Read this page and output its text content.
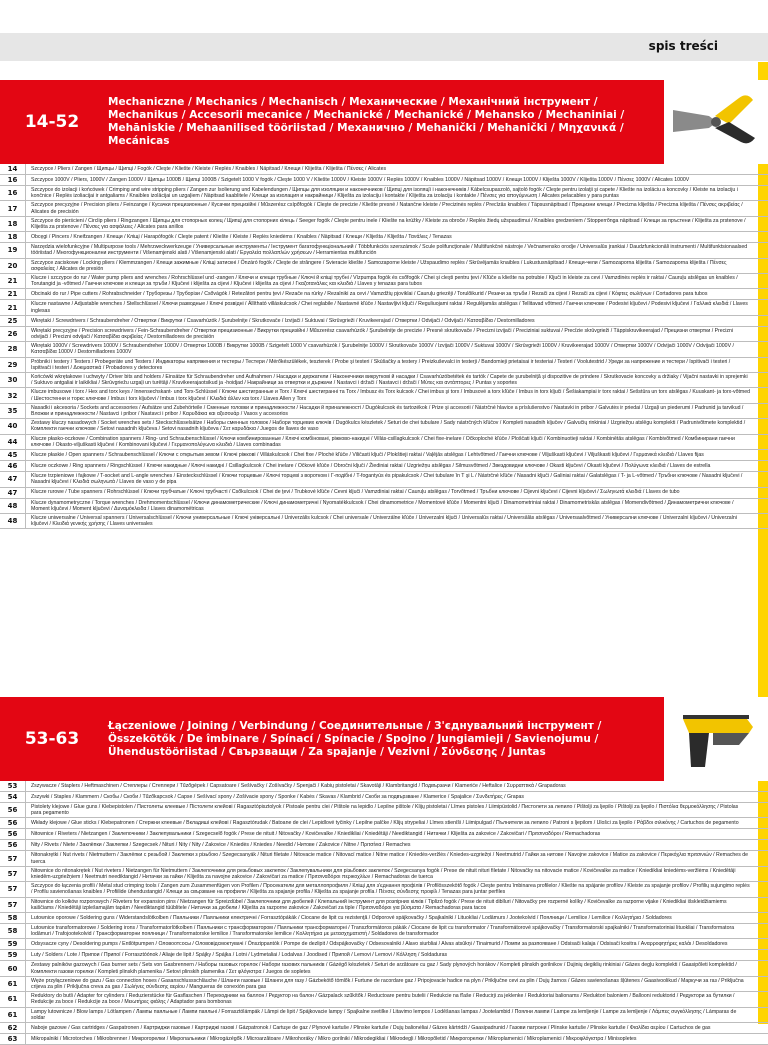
spis treści
14-52
Mechaniczne / Mechanics / Mechanisch / Механические / Механічний інструмент / Mechanikus / Accesorii mecanice / Mechanické / Mechanické / Mehansko / Mechaniniai / Mehāniskie / Mehaanilised tööriistad / Механично / Mehanički / Mehanički / Μηχανικά / Mecánicas
14	Szczypce / Pliers / Zangen / Щипцы / Щипці / Fogók / Cleşte / Kliešte / Kleiste / Replės / Knaibles / Näpitsad / Клещи / Kliješta / Kliješta / Πένσες / Alicates
16	Szczypce 1000V / Pliers, 1000V / Zangen 1000V / Щипцы 1000В / Щипці 1000В / Szigetelt 1000 V fogók / Cleşte 1000 V / Kliešte 1000V / Kleiste 1000V / Replės 1000V / Knaibles 1000V / Näpitsad 1000V / Клещи 1000V / Kliješta 1000V / Kliješta 1000V / Πένσες 1000V / Alicates 1000V
16	Szczypce do izolacji i końcówek / Crimping and wire stripping pliers / Zangen zur Isolierung und Kabelendungen / Щипцы для изоляции и наконечников / Щипці для ізоляції і наконечників / Kábelcsupaszoló, sajtoló fogók / Cleşte pentru izolaţii şi capete / Kliešte na izoláciu a koncovky / Kleiste na izolaciju i končnice / Replės izoliacijai ir antgaliams / Knaibles izolācijai un uzgaļiem / Näpitsad kaablitele / Клещи за изолация и накрайници / Kliješta za izolaciju i kontakte / Kliješta za izolaciju i kontakte / Πένσες για απογύμνωση / Alicates pelacables y para puntas
17	Szczypce precyzyjne / Precision pliers / Feinzange / Кусачки прецизионные / Кусачки прецизійні / Műszerész csípőfogók / Cleşte de precizie / Kliešte presné / Natančne kleiste / Precizinės replės / Precīzās knaibles / Täpsusnäpitsad / Прецизни клещи / Precizna kliješta / Precizna kliješta / Πένσες ακριβείας / Alicates de precisión
18	Szczypce do pierścieni / Circlip pliers / Ringzangen / Щипцы для стопорных колец / Щипці для стопорних кілець / Seeger fogók / Cleşte pentru inele / Kliešte na krúžky / Kleiste za obroče / Replės žiedų užspaudimui / Knaibles gredzeniem / Stopperrõnga näpitsad / Клещи за пръстени / Kliješta za prstenove / Kliješta za prstenove / Πένσες για ασφάλειες / Alicates para anillos
18	Obcęgi / Pincers / Kneifzangen / Клещи / Кліщі / Harapófogók / Cleşte patent / Kliešte / Kleiste / Replės kniedėms / Knaibles / Näpitsad / Клещи / Kliješta / Kliješta / Τανάλιες / Tenazas
19	Narzędzia wielofunkcyjne / Multipurpose tools / Mehrzweckwerkzeuge / Универсальные инструменты / Інструмент багатофункціональний / Többfunkciós szerszámok / Scule polifuncţionale / Multifunkčné nástroje / Večnamensko orodje / Universalūs įrankiai / Daudzfunkcionāli instrumenti / Multifunktsionaalsed tööriistad / Многофункционални инструменти / Višenamjenski alati / Višenamjenski alati / Εργαλεία πολλαπλών χρήσεων / Herramientas multifunción
20	Szczypce zaciskowe / Locking pliers / Klemmzangen / Клещи зажимные / Кліщі затискні / Önzáró fogók / Cleşte de strângere / Svieracie kliešte / Samozaporne kleiste / Užspaudimo replės / Skrūvējamās knaibles / Lukustusnäpitsad / Клещи-чели / Samozaporna kliješta / Samozaporna kliješta / Πένσες ασφαλείας / Alicates de presión
21	Klucze i szczypce do rur / Water pump pliers and wrenches / Rohrschlüssel und -zangen / Ключи и клещи трубные / Ключі й кліщі трубні / Vízpumpa fogók és csőfogók / Chei şi cleşti pentru ţevi / Kľúče a kliešte na potrubie / Ključi in kleiste za cevi / Vamzdinės replės ir raktai / Cauruļu atslēgas un knaibles / Torutangid ja -võtmed / Гаечни ключове и клещи за тръби / Ključevi i kliješta za cijevi / Ključevi i kliješta za cijevi / Γκαζοτανάλιες και κλειδιά / Llaves y tenazas para tubos
21	Obcinaki do rur / Pipe cutters / Rohrabschneider / Труборезы / Труборізи / Csővágók / Retezători pentru ţevi / Rezače na rúrky / Rezalniki za cevi / Vamzdžių pjoviklai / Cauruļu griezēji / Torulõikurid / Резачи за тръби / Rezači za cijevi / Rezači za cijevi / Κόφτες σωλήνων / Cortadores para tubos
21	Klucze nastawne / Adjustable wrenches / Stellschlüssel / Ключи разводные / Ключі розвідні / Állítható villáskulcsok / Chei reglabile / Nastavné kľúče / Nastavljivi ključi / Reguliuojami raktai / Regulējamās atslēgas / Tellitavad võtmed / Гаечни ключове / Podesivi ključevi / Podesivi ključevi / Γαλλικά κλειδιά / Llaves inglesas
25	Wkrętaki / Screwdrivers / Schraubendreher / Отвертки / Викрутки / Csavarhúzók / Şurubelniţe / Skrutkovače / Izvijači / Suktuvai / Skrūvgrieži / Kruvikeerajad / Отвертки / Odvijači / Odvijači / Κατσαβίδια / Destornilladores
26	Wkrętaki precyzyjne / Precision screwdrivers / Fein-Schraubendreher / Отвертки прецизионные / Викрутки прецизійні / Műszerész csavarhúzók / Şurubelniţe de precizie / Presné skrutkovače / Precizni izvijači / Preciziniai suktuvai / Precīzie skrūvgrieži / Täppiskruvikeerajad / Прецизни отвертки / Precizni odvijači / Precizni odvijači / Κατσαβίδια ακριβείας / Destornilladores de precisión
28	Wkrętaki 1000V / Screwdrivers 1000V / Schraubendreher 1000V / Отвертки 1000В / Викрутки 1000В / Szigetelt 1000 V csavarhúzók / Şurubelniţe 1000V / Skrutkovače 1000V / Izvijači 1000V / Suktuvai 1000V / Skrūvgrieži 1000V / Kruvikeerajad 1000V / Отвертки 1000V / Odvijači 1000V / Odvijači 1000V / Κατσαβίδια 1000V / Destornilladores 1000V
29	Próbniki i testery / Testers / Probegeräte und Testers / Индикаторы напряжения и тестеры / Тестери / Mérőkészülékek, teszterek / Probe şi testeri / Skúšačky a testery / Preizkuševalci in testerji / Bandomieji prietaisai ir testeriai / Testeri / Voolutestrid / Уреди за напрежение и тестери / Ispitivači i testeri / Ispitivači i testeri / Δοκιμαστικά / Probadores y detectores
30	Końcówki wkrętakowe i uchwyty / Driver bits and holders / Einsätze für Schraubendreher und Aufnahmen / Насадки и держатели / Наконечники викруткові й насадки / Csavarhúzóbetétek és tartók / Capete de şurubelniţă şi dispozitive de prindere / Skrutkovacie koncovky a držiaky / Vijačni nastavki in sprejemki / Suktuvo antgaliai ir laikikliai / Skrūvgriežu uzgaļi un turētāji / Kruvikeerajaotsikud ja -hoidjad / Накрайници за отвертки и държачи / Nastavci i držači / Nastavci i držači / Μύτες και αντάπτορες / Puntas y soportes
32	Klucze imbusowe i torx / Hex and torx keys / Innensechskant- und Torx-Schlüssel / Ключи шестигранные и Torx / Ключі шестигранні та Torx / Imbusz és Torx kulcsok / Chei imbus şi torx / Imbusové a torx kľúče / Imbus in torx ključi / Šešiakampiai ir torx raktai / Sešstūra un torx atslēgas / Kuuskant- ja torx-võtmed / Шестостенни и торкс ключове / Imbus i torx ključevi / Imbus i torx ključevi / Κλειδιά άλλεν και torx / Llaves Allen y Torx
35	Nasadki i akcesoria / Sockets and accessories / Aufsätze und Zubehörteile / Сменные головки и принадлежности / Насадки й приналежності / Dugókulcsok és tartozékok / Prize şi accesorii / Nástrčné hlavice a príslušenstvo / Nastavki in pribor / Galvutės ir priedai / Uzgaļi un piederumi / Padrunid ja tarvikud / Вложки и принадлежности / Nastavci i pribor / Nastavci i pribor / Καρυδάκια και αξεσουάρ / Vasos y accesorios
40	Zestawy kluczy nasadowych / Socket wrenches sets / Steckschlüsselsätze / Наборы сменных головок / Набори торцевих ключів / Dugókulcs készletek / Seturi de chei tubulare / Sady nástrčných kľúčov / Kompleti nasadnih ključev / Galvučių rinkiniai / Uzgriežņu atslēgu komplekti / Padrunivõtmete komplektid / Комплекти гаечни ключове / Setovi nasadnih ključeva / Setovi nasadnih ključeva / Σετ καρυδάκια / Juegos de llaves de vaso
44	Klucze płasko-oczkowe / Combination spanners / Ring- und Schraubenschlüssel / Ключи комбинированные / Ключі комбіновані, ріжково-накидні / Villás-csillagkulcsok / Chei fixe-inelare / Očkoploché kľúče / Ploščati ključi / Kombinuotieji raktai / Kombinētās atslēgas / Kombivõtmed / Комбинирани гаечни ключове / Okasto-viljuškasti ključevi / Kombinovani ključevi / Γερμανοπολύγωνα κλειδιά / Llaves combinadas
45	Klucze płaskie / Open spanners / Schraubenschlüssel / Ключи с открытым зевом / Ключі ріжкові / Villáskulcsok / Chei fixe / Ploché kľúče / Viličasti ključi / Plokštieji raktai / Vaļējās atslēgas / Lehtvõtmed / Гаечни ключове / Viljuškasti ključevi / Viljuškasti ključevi / Γερμανικά κλειδιά / Llaves fijas
46	Klucze oczkowe / Ring spanners / Ringschlüssel / Ключи накидные / Ключі накидні / Csillagkulcsok / Chei inelare / Očkové kľúče / Obročni ključi / Žiediniai raktai / Uzgriežņu atslēgas / Silmusvõtmed / Звездовидни ключове / Okasti ključevi / Okasti ključevi / Πολύγωνα κλειδιά / Llaves de estrella
47	Klucze trzpieniowe i fajkowe / T-socket and L-angle wrenches / Einsteckschlüssel / Ключи торцевые / Ключі торцеві з воротком і Г-подібні / T-fogantyús és pipakulcsok / Chei tubulare în T şi L / Nástrčné kľúče / Nasadni ključi / Galiniai raktai / Galatslēgas / T- ja L-võtmed / Тръбни ключове / Nasadni ključevi / Nasadni ključevi / Κλειδιά σωληνωτά / Llaves de vaso y de pipa
47	Klucze rurowe / Tube spanners / Rohrschlüssel / Ключи трубчатые / Ключі трубчасті / Csőkulcsok / Chei de ţevi / Trubkové kľúče / Cevni ključi / Vamzdiniai raktai / Cauruļu atslēgas / Torvõtmed / Тръбни ключове / Cijevni ključevi / Cijevni ključevi / Σωληνωτά κλειδιά / Llaves de tubo
48	Klucze dynamometryczne / Torque wrenches / Drehmomentschlüssel / Ключи динамометрические / Ключі динамометричні / Nyomatékkulcsok / Chei dinamometrice / Momentové kľúče / Momentni ključi / Dinamometriniai raktai / Dinamometriskās atslēgas / Momendivõtmed / Динамометрични ключове / Moment ključevi / Moment ključevi / Δυναμόκλειδα / Llaves dinamométricas
48	Klucze uniwersalne / Universal spanners / Universalschlüssel / Ключи универсальные / Ключі універсальні / Univerzális kulcsok / Chei universale / Univerzálne kľúče / Univerzalni ključi / Universalūs raktai / Universālās atslēgas / Universaalvõtmed / Универсални ключове / Univerzalni ključevi / Univerzalni ključevi / Κλειδιά γενικής χρήσης / Llaves universales
53-63
Łączeniowe / Joining / Verbindung / Соединительные / З'єднувальний інструмент / Összekötők / De îmbinare / Spínací / Spínacie / Spojno / Jungiamieji / Savienojumu / Ühendustööriistad / Свързващи / Za spajanje / Vezivni / Σύνδεσης / Juntas
53	Zszywacze / Staplers / Heftmaschinen / Степлеры / Степлери / Tűzőgépek / Capsatoare / Sešívačky / Zošívačky / Spenjači / Kabių pistoletai / Skavotāji / Klambritangid / Подвързачи / Klameriće / Heftalice / Συρραπτικά / Grapadoras
54	Zszywki / Staples / Klammern / Скобы / Скоби / Tűzőkapcsok / Capse / Sešívací spony / Zošívacie spony / Sponke / Kabės / Skavas / Klambrid / Скоби за подвързване / Klamerice / Spajalice / Συνδετήρες / Grapas
56	Pistolety klejowe / Glue guns / Klebepistolen / Пистолеты клеевые / Пістолети клейові / Ragasztópisztolyok / Pistoale pentru clei / Pištole na lepidlo / Lepilne pištole / Klijų pistoletai / Līmes pistoles / Liimipüstolid / Пистолети за лепило / Pištolji za ljepilo / Pištolji za ljepilo / Πιστόλια θερμοκόλλησης / Pistolas para pegamento
56	Wkłady klejowe / Glue sticks / Klebepatronen / Стержни клеевые / Вкладиші клейові / Ragasztórudak / Batoane de clei / Lepidlové tyčinky / Lepilne palčke / Klijų strypeliai / Līmes stienīši / Liimipulgad / Пълнители за лепило / Patroni s ljepilom / Ulošci za ljepilo / Ράβδοι σιλικόνης / Cartuchos de pegamento
56	Nitownice / Riveters / Nietzangen / Заклепочники / Заклепувальники / Szegecselő fogók / Prese de nituit / Nitovačky / Kovičevalke / Kniedikliai / Kniedētāji / Neediktangid / Нитачки / Kliješta za zakovice / Zakovičari / Πριτσιναδόροι / Remachadoras
56	Nity / Rivets / Niete / Заклёпки / Заклепки / Szegecsek / Nituri / Nity / Nity / Zakovice / Kniedės / Kniedes / Needid / Нитове / Zakovice / Nitne / Πριτσίνια / Remaches
57	Nitonakrętki / Nut rivets / Nietmuttern / Заклёпки с резьбой / Заклепки з різьбою / Szegecsanyák / Nituri filetate / Nitovacie matice / Nitovací matice / Nitne matice / Kniedės-veržlės / Kniedes-uzgriežņi / Neetmutrid / Гайки за нитове / Navojne zakovice / Matice za zakovice / Περικόχλια πριτσινιών / Remaches de tuerca
57	Nitownice do nitonakrętek / Nut riveters / Nietzangen für Nietmuttern / Заклепочники для резьбовых заклепок / Заклепувальники для різьбових заклепок / Szegecsanya fogók / Prese de nituit nituri filetate / Nitovačky na nitovacie matice / Kovičevalke za matice / Kniedikliai kniedėms-veržlėms / Kniedētāji kniedēm-uzgriežņiem / Neetmutri neediktangid / Нитачки за гайки / Kliješta za navojne zakovice / Zakovičari za matice / Πριτσιναδόροι περικοχλίων / Remachadoras de tuerca
57	Szczypce do łączenia profili / Metal stud crimping tools / Zangen zum Zusammenfügen von Profilen / Просекатели для металлопрофиля / Кліщі для з'єднання профілів / Profilösszekötő fogók / Cleşte pentru îmbinarea profilelor / Kliešte na spájanie profilov / Kleiste za spajanje profilov / Profilių sujungimo replės / Profilu savienošanas knaibles / Profiilide ühendustangid / Клещи за свързване на профили / Kliješta za spajanje profila / Kliješta za spajanje profila / Πένσες σύνδεσης προφίλ / Tenazas para juntar perfiles
57	Nitownice do kołków rozporowych / Riveters for expansion pins / Nietzangen für Spreizdübel / Заклепочники для дюбелей / Клепальний інструмент для розпірних кілків / Tiplizó fogók / Prese de nituit diblluri / Nitovačky pre rozperné kolíky / Kovičevalke za razporne vijake / Kniedikliai išskleidžiamiems kaiščiams / Kniedētāji izplešamajām tapām / Neediktangid tüüblitele / Нитачки за дюбели / Kliješta za razporne zakovice / Zakovičari za tiple / Πριτσιναδόροι για βύσματα / Remachadoras para tacos
58	Lutownice oporowe / Soldering guns / Widerstandslötkolben / Паяльники / Паяльники електричні / Forrasztópákák / Ciocane de lipit cu rezistenţă / Odporové spájkovačky / Spajkalniki / Lituokliai / Lodāmurs / Jootekolvid / Поялници / Lemilice / Lemilice / Κολλητήρια / Soldadores
58	Lutownice transformatorowe / Soldering irons / Transformatorlötkolben / Паяльники с трансформатором / Паяльники трансформаторні / Transzformátoros pákák / Ciocane de lipit cu transformator / Transformátorové spájkovačky / Transformatorski spajkalniki / Transformatoriniai lituokliai / Transformatora lodāmuri / Trafojootekolvid / Трансформаторни поялници / Transformatorske lemilice / Transformatorske lemilice / Κολλητήρια με μετασχηματιστή / Soldadores de transformador
59	Odsysacze cyny / Desoldering pumps / Entlötpumpen / Оловоотсосы / Олововідсмоктувачі / Ónszippantók / Pompe de dezlipit / Odspájkovačky / Odsesovalniki / Alavo siurbliai / Alvas atsūkņi / Tinaimurid / Помпи за разпояване / Odsisači kalaja / Odsisači kositra / Αναρροφητήρες καλάι / Desoldadores
59	Luty / Solders / Lote / Припои / Припої / Forrasztóónok / Aliaje de lipit / Spájky / Spájka / Lotni / Lydmetaliai / Lodalvas / Joodised / Припой / Lemovi / Lemovi / Κόλληση / Soldaduras
60	Zestawy palników gazowych / Gas burner sets / Sets von Gasbrennern / Наборы газовых горелок / Набори газових пальників / Gázégő készletek / Seturi de arzătoare cu gaz / Sady plynových horákov / Kompleti plinskih gorilnikov / Dujinių degiklių rinkiniai / Gāzes degļu komplekti / Gaasipõleti komplektid / Комплекти газови горелки / Kompleti plinskih plamenika / Setovi plinskih plamenika / Σετ φλόγιστρα / Juegos de sopletes
61	Węże przyłączeniowe do gazu / Gas connection hoses / Gasanschlussschläuche / Шланги газовые / Шланги для газу / Gázbekötő tömlők / Furtune de racordare gaz / Pripojovacie hadice na plyn / Priključne cevi za plin / Dujų žarnos / Gāzes savienošanas šļūtenes / Gaasivoolikud / Маркучи за газ / Priključna crijeva za plin / Priključna creva za gas / Σωλήνες σύνδεσης αερίου / Mangueras de conexión para gas
61	Reduktory do butli / Adapter for cylinders / Reduzierstücke für Gasflaschen / Переходники на баллон / Редуктор на балон / Gázpalack szűkítők / Reductoare pentru butelii / Redukcie na fľaše / Reducirji za jeklenke / Reduktoriai balionams / Reduktori baloniem / Ballooni reduktorid / Редуктори за бутилки / Redukcije za boce / Redukcije za boce / Μειωτήρες φιάλης / Adaptador para bombonas
61	Lampy lutownicze / Blow lamps / Lötlampen / Лампы паяльные / Лампи паяльні / Forrasztólámpák / Lămpi de lipit / Spájkovacie lampy / Spajkalne svetilke / Litavimo lempos / Lodēšanas lampas / Jootelambid / Поялни лампи / Lampe za lemljenje / Lampe za lemljenje / Λάμπες συγκόλλησης / Lámparas de soldar
62	Naboje gazowe / Gas cartridges / Gaspatronen / Картриджи газовые / Картриджі газові / Gázpatronok / Cartuşe de gaz / Plynové kartuše / Plinske kartuše / Dujų balionėliai / Gāzes kārtridži / Gaasipadrunid / Газови патрони / Plinske kartuše / Plinske kartuše / Φιαλίδια αερίου / Cartuchos de gas
63	Mikropalniki / Microtorches / Mikrobrenner / Микрогорелки / Мікропальники / Mikrogázégők / Microarzătoare / Mikrohoráky / Mikro gorilniki / Mikrodegikliai / Mikrodegļi / Mikropõletid / Микрогорелки / Mikroplamenici / Mikroplamenici / Μικροφλόγιστρα / Minisopletes
